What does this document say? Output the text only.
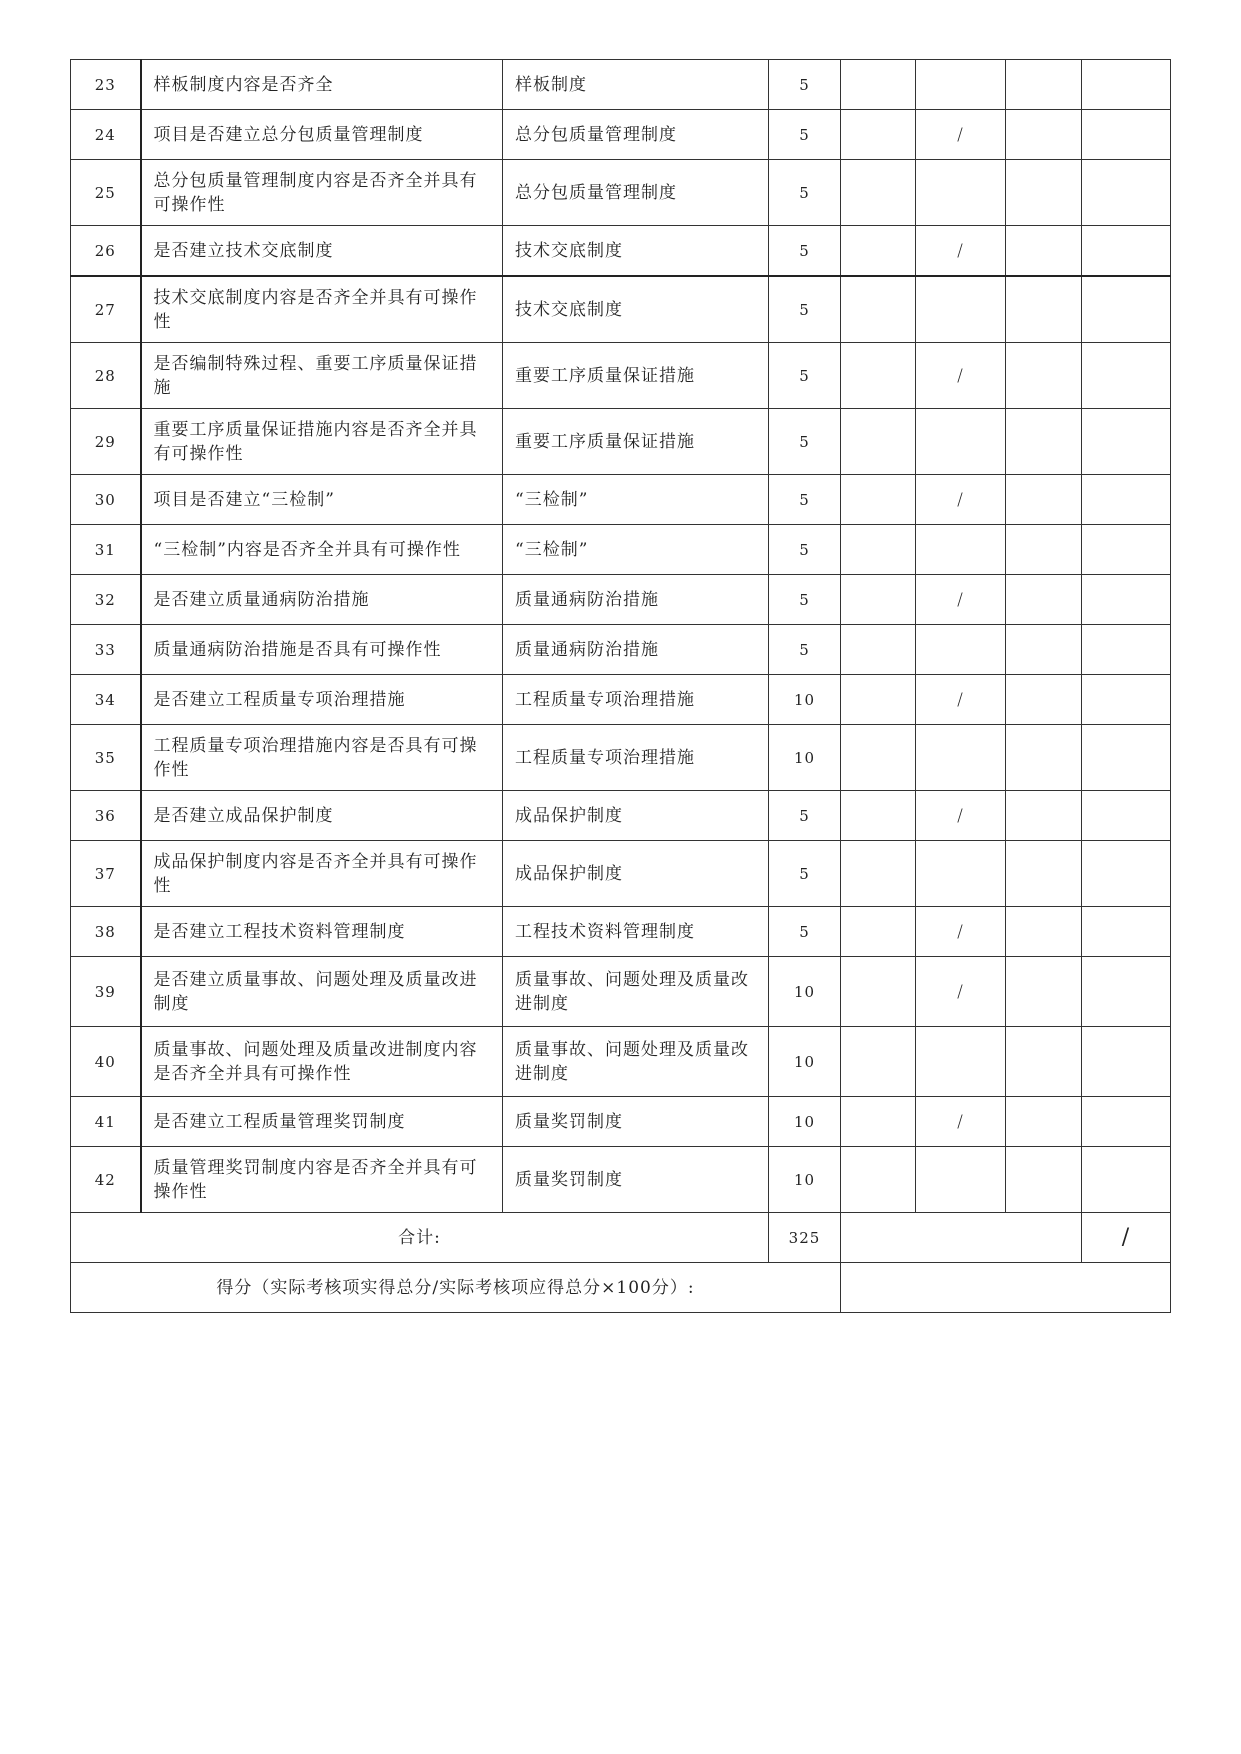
23	样板制度内容是否齐全	样板制度	5				
24	项目是否建立总分包质量管理制度	总分包质量管理制度	5		/		
25	总分包质量管理制度内容是否齐全并具有可操作性	总分包质量管理制度	5				
26	是否建立技术交底制度	技术交底制度	5		/		
27	技术交底制度内容是否齐全并具有可操作性	技术交底制度	5				
28	是否编制特殊过程、重要工序质量保证措施	重要工序质量保证措施	5		/		
29	重要工序质量保证措施内容是否齐全并具有可操作性	重要工序质量保证措施	5				
30	项目是否建立“三检制”	“三检制”	5		/		
31	“三检制”内容是否齐全并具有可操作性	“三检制”	5				
32	是否建立质量通病防治措施	质量通病防治措施	5		/		
33	质量通病防治措施是否具有可操作性	质量通病防治措施	5				
34	是否建立工程质量专项治理措施	工程质量专项治理措施	10		/		
35	工程质量专项治理措施内容是否具有可操作性	工程质量专项治理措施	10				
36	是否建立成品保护制度	成品保护制度	5		/		
37	成品保护制度内容是否齐全并具有可操作性	成品保护制度	5				
38	是否建立工程技术资料管理制度	工程技术资料管理制度	5		/		
39	是否建立质量事故、问题处理及质量改进制度	质量事故、问题处理及质量改进制度	10		/		
40	质量事故、问题处理及质量改进制度内容是否齐全并具有可操作性	质量事故、问题处理及质量改进制度	10				
41	是否建立工程质量管理奖罚制度	质量奖罚制度	10		/		
42	质量管理奖罚制度内容是否齐全并具有可操作性	质量奖罚制度	10				
合计:			325				/
得分（实际考核项实得总分/实际考核项应得总分×100分）:							
